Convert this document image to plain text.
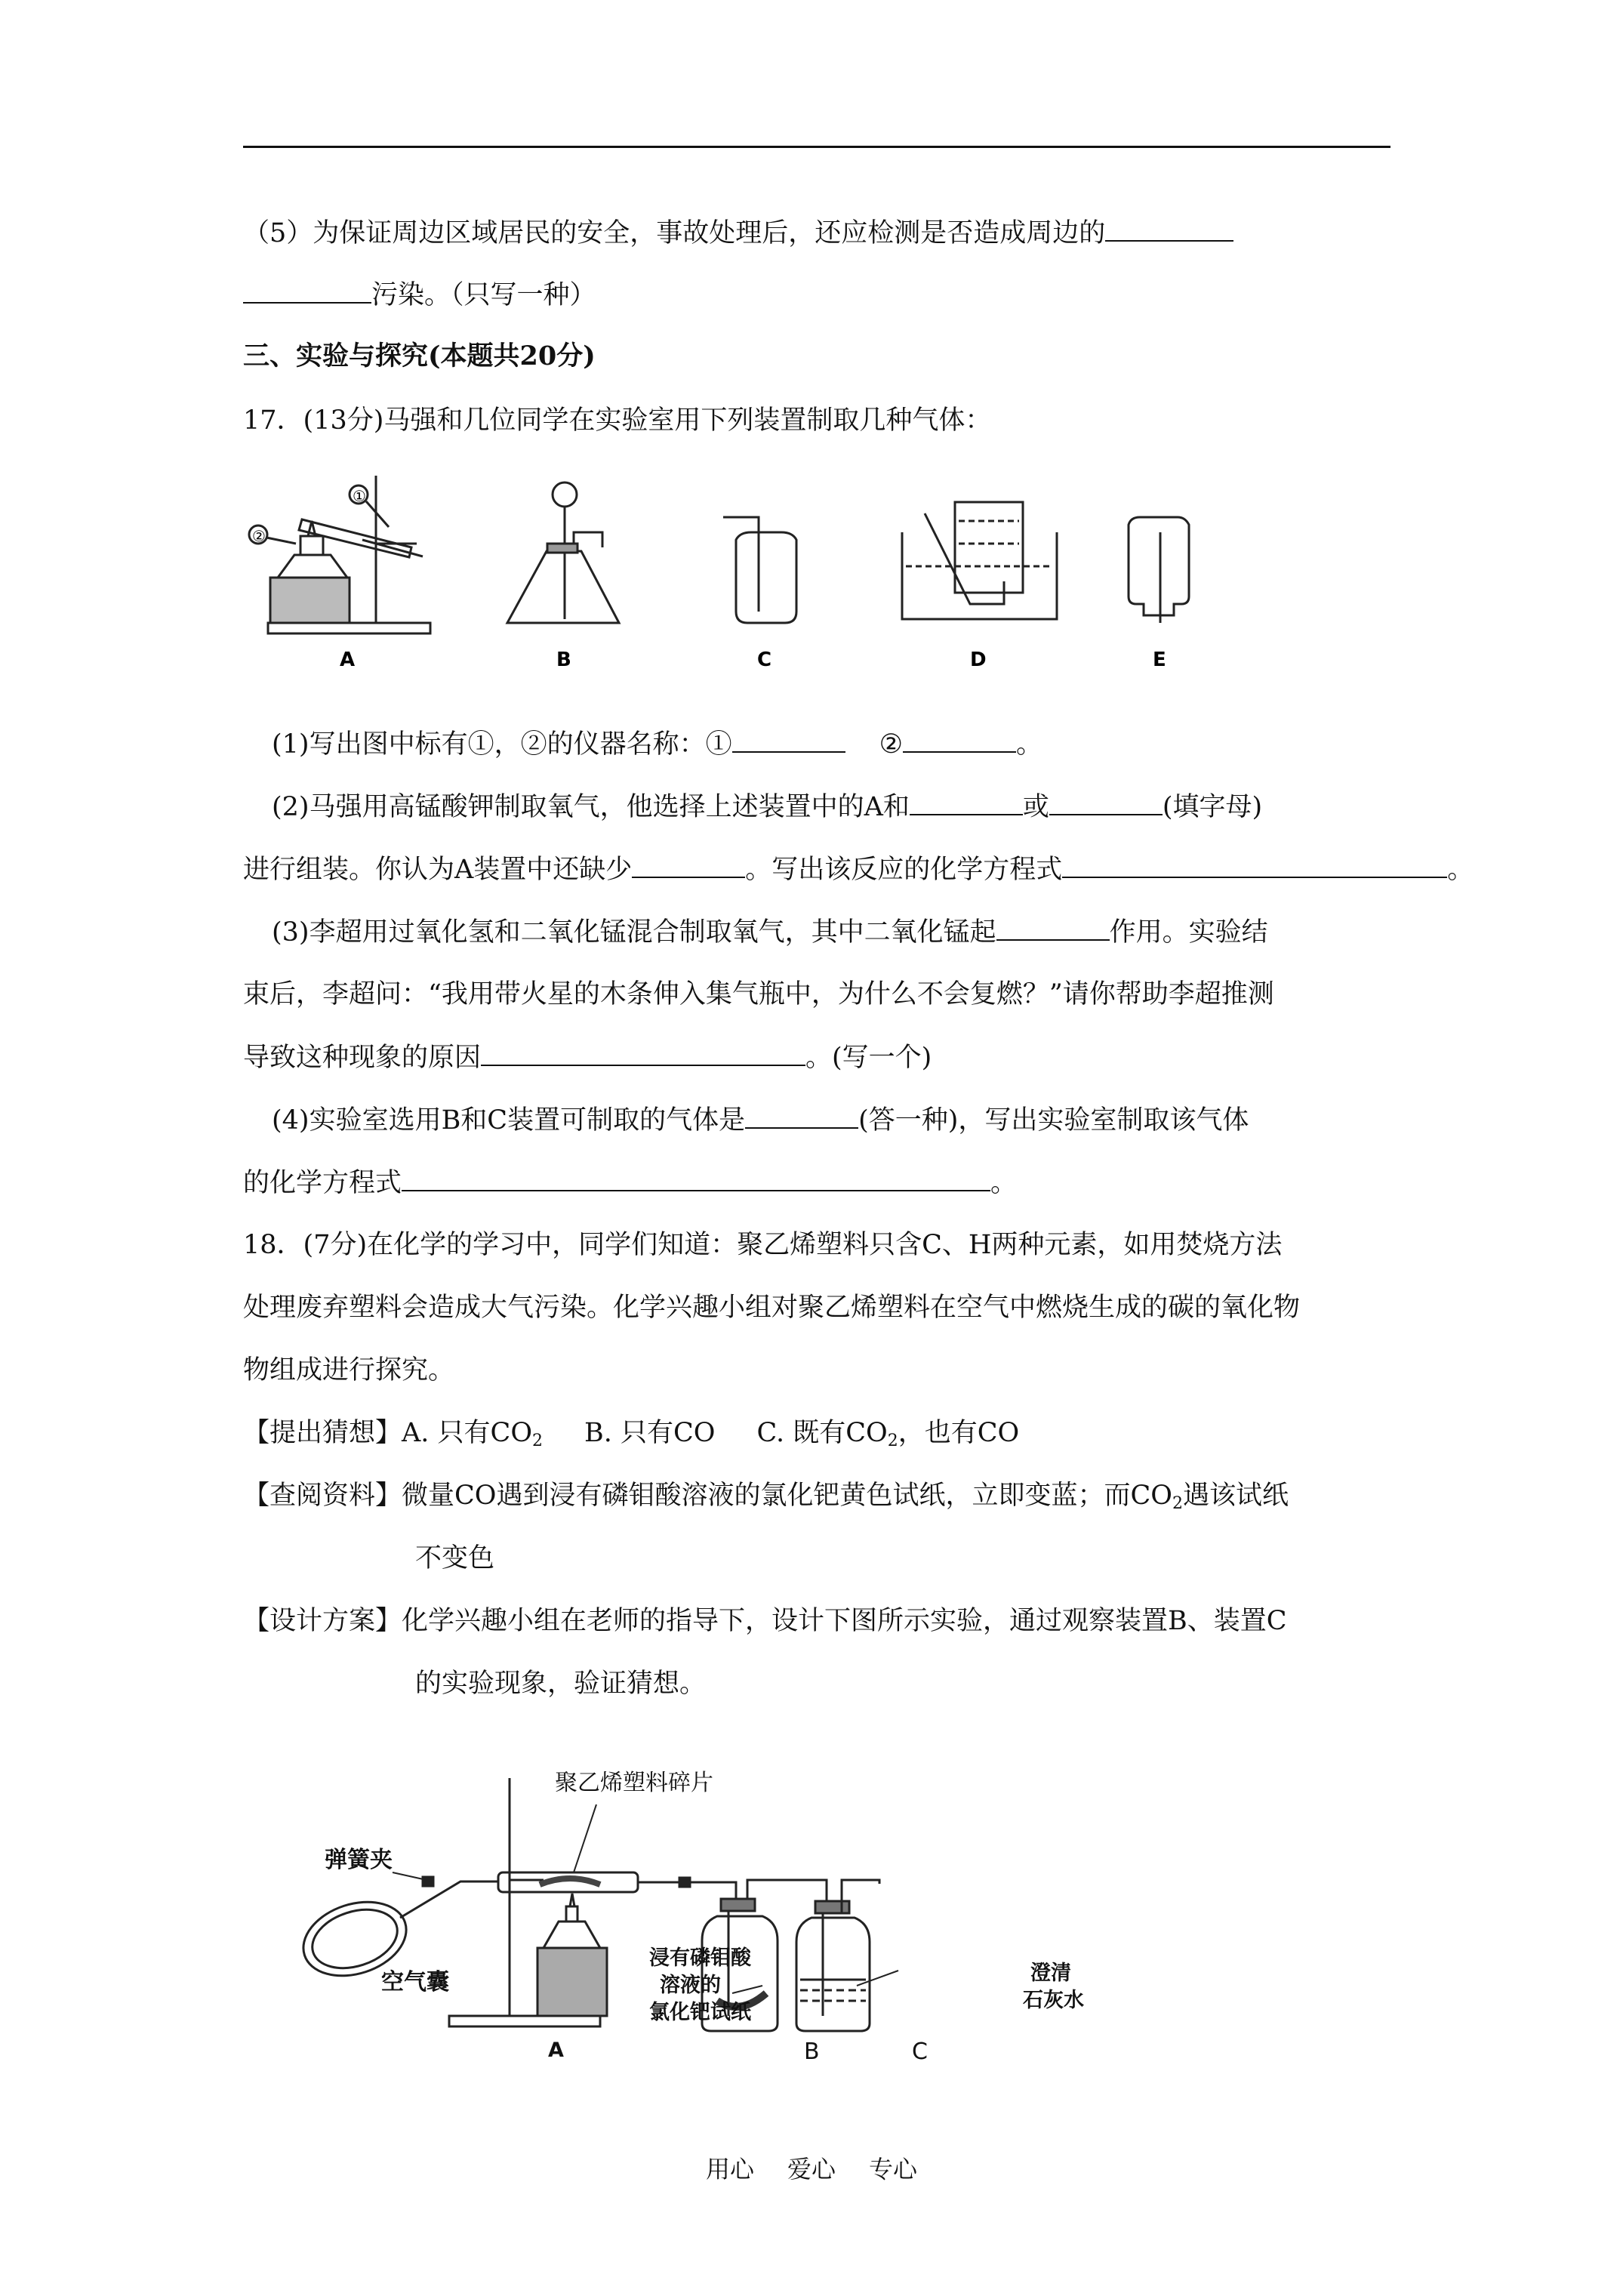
（5）为保证周边区域居民的安全，事故处理后，还应检测是否造成周边的
污染。（只写一种）
三、实验与探究(本题共20分)
17．(13分)马强和几位同学在实验室用下列装置制取几种气体：
①
②
A	B	C	D	E
(1)写出图中标有①，②的仪器名称：①	②	。
(2)马强用高锰酸钾制取氧气，他选择上述装置中的A和	或	(填字母)
进行组装。你认为A装置中还缺少	。写出该反应的化学方程式	。
(3)李超用过氧化氢和二氧化锰混合制取氧气，其中二氧化锰起	作用。实验结
束后，李超问：“我用带火星的木条伸入集气瓶中，为什么不会复燃？”请你帮助李超推测
导致这种现象的原因	。(写一个)
(4)实验室选用B和C装置可制取的气体是	(答一种)，写出实验室制取该气体
的化学方程式	。
18．(7分)在化学的学习中，同学们知道：聚乙烯塑料只含C、H两种元素，如用焚烧方法
处理废弃塑料会造成大气污染。化学兴趣小组对聚乙烯塑料在空气中燃烧生成的碳的氧化物
物组成进行探究。
【提出猜想】A. 只有$CO_2$ B. 只有CO C. 既有$CO_2$，也有CO
【查阅资料】微量CO遇到浸有磷钼酸溶液的氯化钯黄色试纸，立即变蓝；而$CO_2$遇该试纸
不变色
【设计方案】化学兴趣小组在老师的指导下，设计下图所示实验，通过观察装置B、装置C
的实验现象，验证猜想。
聚乙烯塑料碎片
弹簧夹
空气囊
浸有磷钼酸
溶液的
氯化钯试纸
澄清
石灰水
A	B	C
用心 爱心 专心
